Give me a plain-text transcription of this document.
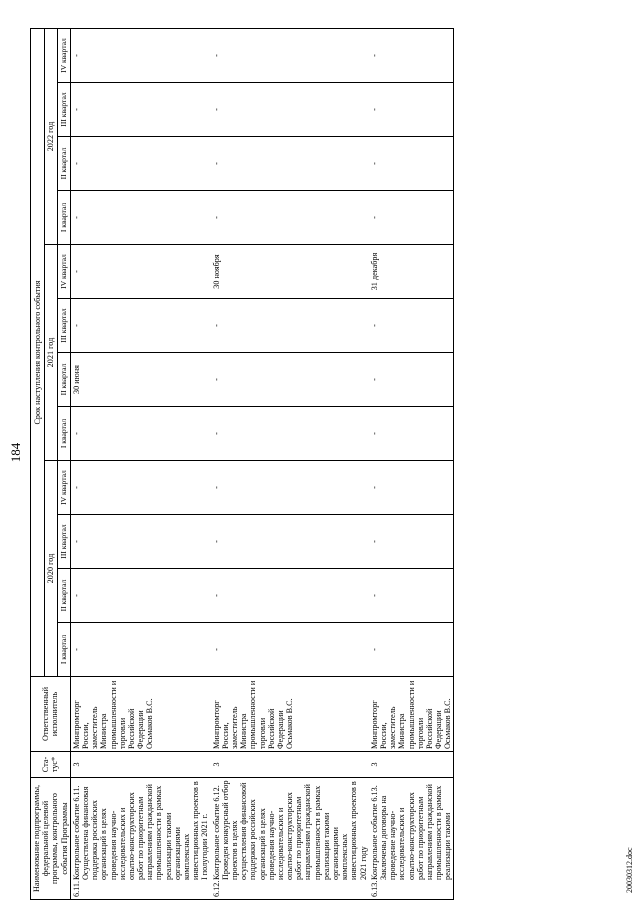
184
Наименование подпрограммы, федеральной целевой программы, контрольного события Программы	Ста-тус*	Ответственный исполнитель	Срок наступления контрольного события											
			2020 год				2021 год				2022 год			
			I квартал	II квартал	III квартал	IV квартал	I квартал	II квартал	III квартал	IV квартал	I квартал	II квартал	III квартал	IV квартал

6.11.
Контрольное событие 6.11. Осуществлена финансовая поддержка российских организаций в целях проведения научно-исследовательских и опытно-конструкторских работ по приоритетным направлениям гражданской промышленности в рамках реализации такими организациями комплексных инвестиционных проектов в I полугодии 2021 г.	3	Минпромторг России, заместитель Министра промышленности и торговли Российской Федерации Осьмаков В.С.	-	-	-	-	-	30 июня	-	-	-	-	-	-

6.12.
Контрольное событие 6.12. Проведен конкурсный отбор проектов в целях осуществления финансовой поддержки российских организаций в целях проведения научно-исследовательских и опытно-конструкторских работ по приоритетным направлениям гражданской промышленности в рамках реализации такими организациями комплексных инвестиционных проектов в 2021 году	3	Минпромторг России, заместитель Министра промышленности и торговли Российской Федерации Осьмаков В.С.	-	-	-	-	-	-	-	30 ноября	-	-	-	-

6.13.
Контрольное событие 6.13. Заключены договоры на проведение научно-исследовательских и опытно-конструкторских работ по приоритетным направлениям гражданской промышленности в рамках реализации такими	3	Минпромторг России, заместитель Министра промышленности и торговли Российской Федерации Осьмаков В.С.	-	-	-	-	-	-	-	31 декабря	-	-	-	-
20030312.doc
